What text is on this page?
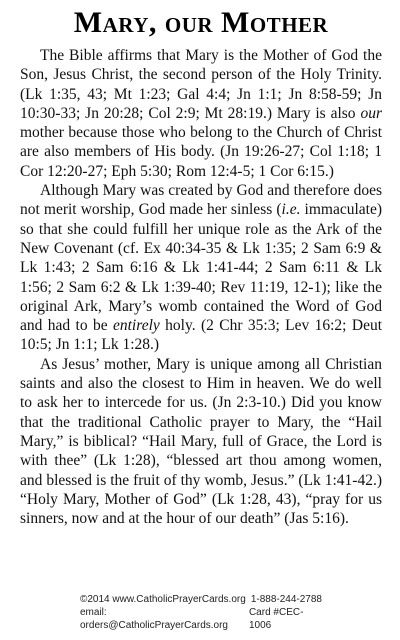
Mary, our Mother

The Bible affirms that Mary is the Mother of God the Son, Jesus Christ, the second person of the Holy Trinity. (Lk 1:35, 43; Mt 1:23; Gal 4:4; Jn 1:1; Jn 8:58-59; Jn 10:30-33; Jn 20:28; Col 2:9; Mt 28:19.) Mary is also our mother because those who belong to the Church of Christ are also members of His body. (Jn 19:26-27; Col 1:18; 1 Cor 12:20-27; Eph 5:30; Rom 12:4-5; 1 Cor 6:15.)

Although Mary was created by God and therefore does not merit worship, God made her sinless (i.e. immaculate) so that she could fulfill her unique role as the Ark of the New Covenant (cf. Ex 40:34-35 & Lk 1:35; 2 Sam 6:9 & Lk 1:43; 2 Sam 6:16 & Lk 1:41-44; 2 Sam 6:11 & Lk 1:56; 2 Sam 6:2 & Lk 1:39-40; Rev 11:19, 12-1); like the original Ark, Mary’s womb contained the Word of God and had to be entirely holy. (2 Chr 35:3; Lev 16:2; Deut 10:5; Jn 1:1; Lk 1:28.)

As Jesus’ mother, Mary is unique among all Christian saints and also the closest to Him in heaven. We do well to ask her to intercede for us. (Jn 2:3-10.) Did you know that the traditional Catholic prayer to Mary, the “Hail Mary,” is biblical? “Hail Mary, full of Grace, the Lord is with thee” (Lk 1:28), “blessed art thou among women, and blessed is the fruit of thy womb, Jesus.” (Lk 1:41-42.) “Holy Mary, Mother of God” (Lk 1:28, 43), “pray for us sinners, now and at the hour of our death” (Jas 5:16).

©2014 www.CatholicPrayerCards.org 1-888-244-2788
email: orders@CatholicPrayerCards.org
Card #CEC-1006
